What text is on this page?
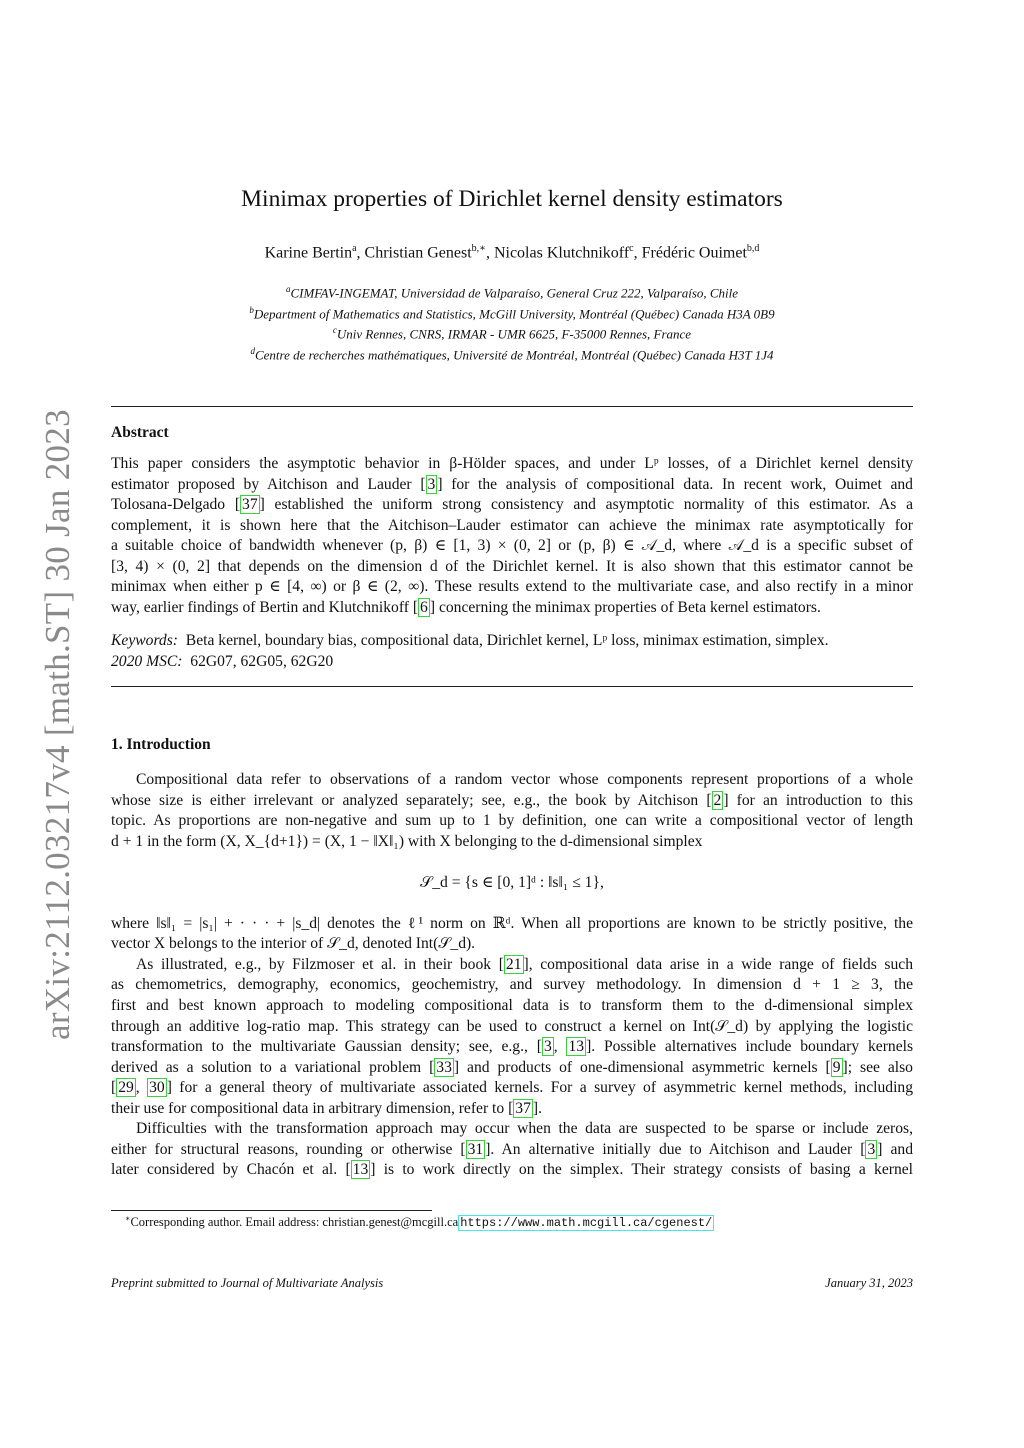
arXiv:2112.03217v4 [math.ST] 30 Jan 2023
Minimax properties of Dirichlet kernel density estimators
Karine Bertin$^a$, Christian Genest$^{b,∗}$, Nicolas Klutchnikoff$^c$, Frédéric Ouimet$^{b,d}$
$^a$CIMFAV-INGEMAT, Universidad de Valparaíso, General Cruz 222, Valparaíso, Chile
$^b$Department of Mathematics and Statistics, McGill University, Montréal (Québec) Canada H3A 0B9
$^c$Univ Rennes, CNRS, IRMAR - UMR 6625, F-35000 Rennes, France
$^d$Centre de recherches mathématiques, Université de Montréal, Montréal (Québec) Canada H3T 1J4
Abstract
This paper considers the asymptotic behavior in β-Hölder spaces, and under Lᵖ losses, of a Dirichlet kernel density
estimator proposed by Aitchison and Lauder [ 3 ] for the analysis of compositional data. In recent work, Ouimet and
Tolosana-Delgado [ 37 ] established the uniform strong consistency and asymptotic normality of this estimator. As a
complement, it is shown here that the Aitchison–Lauder estimator can achieve the minimax rate asymptotically for
a suitable choice of bandwidth whenever (p, β) ∈ [1, 3) × (0, 2] or (p, β) ∈ 𝒜_d, where 𝒜_d is a specific subset of
[3, 4) × (0, 2] that depends on the dimension d of the Dirichlet kernel. It is also shown that this estimator cannot be
minimax when either p ∈ [4, ∞) or β ∈ (2, ∞). These results extend to the multivariate case, and also rectify in a minor
way, earlier findings of Bertin and Klutchnikoff [ 6 ] concerning the minimax properties of Beta kernel estimators.
Keywords: Beta kernel, boundary bias, compositional data, Dirichlet kernel, Lᵖ loss, minimax estimation, simplex.
2020 MSC: 62G07, 62G05, 62G20
1. Introduction
Compositional data refer to observations of a random vector whose components represent proportions of a whole
whose size is either irrelevant or analyzed separately; see, e.g., the book by Aitchison [ 2 ] for an introduction to this
topic. As proportions are non-negative and sum up to 1 by definition, one can write a compositional vector of length
d + 1 in the form (X, X_{d+1}) = (X, 1 − ‖X‖₁) with X belonging to the d-dimensional simplex

𝒮_d = {s ∈ [0, 1]ᵈ : ‖s‖₁ ≤ 1},

where ‖s‖₁ = |s₁| + · · · + |s_d| denotes the ℓ¹ norm on ℝᵈ. When all proportions are known to be strictly positive, the
vector X belongs to the interior of 𝒮_d, denoted Int(𝒮_d).
As illustrated, e.g., by Filzmoser et al. in their book [ 21 ], compositional data arise in a wide range of fields such
as chemometrics, demography, economics, geochemistry, and survey methodology. In dimension d + 1 ≥ 3, the
first and best known approach to modeling compositional data is to transform them to the d-dimensional simplex
through an additive log-ratio map. This strategy can be used to construct a kernel on Int(𝒮_d) by applying the logistic
transformation to the multivariate Gaussian density; see, e.g., [ 3 , 13 ]. Possible alternatives include boundary kernels
derived as a solution to a variational problem [ 33 ] and products of one-dimensional asymmetric kernels [ 9 ]; see also
[ 29 , 30 ] for a general theory of multivariate associated kernels. For a survey of asymmetric kernel methods, including
their use for compositional data in arbitrary dimension, refer to [ 37 ].
Difficulties with the transformation approach may occur when the data are suspected to be sparse or include zeros,
either for structural reasons, rounding or otherwise [ 31 ]. An alternative initially due to Aitchison and Lauder [ 3 ] and
later considered by Chacón et al. [ 13 ] is to work directly on the simplex. Their strategy consists of basing a kernel
∗Corresponding author. Email address: christian.genest@mcgill.ca https://www.math.mcgill.ca/cgenest/
Preprint submitted to Journal of Multivariate Analysis	January 31, 2023
